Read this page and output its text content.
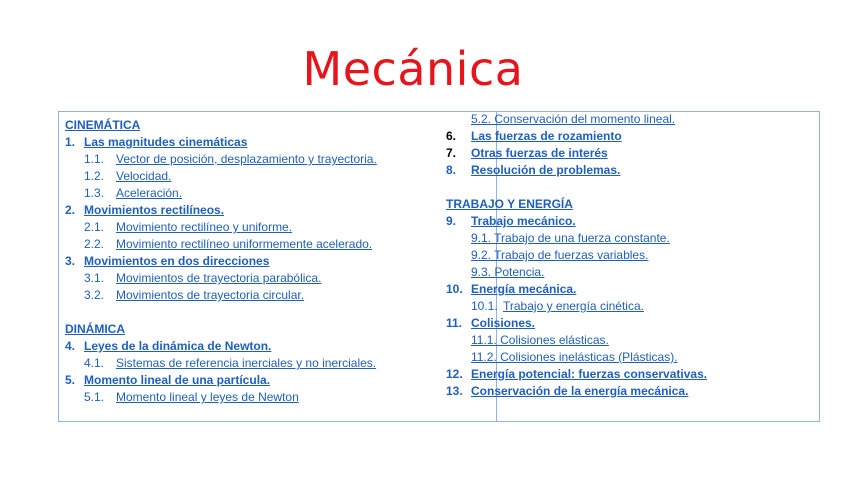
Mecánica
CINEMÁTICA
1. Las magnitudes cinemáticas
1.1. Vector de posición, desplazamiento y trayectoria.
1.2. Velocidad.
1.3. Aceleración.
2. Movimientos rectilíneos.
2.1. Movimiento rectilíneo y uniforme.
2.2. Movimiento rectilíneo uniformemente acelerado.
3. Movimientos en dos direcciones
3.1. Movimientos de trayectoria parabólica.
3.2. Movimientos de trayectoria circular.
DINÁMICA
4. Leyes de la dinámica de Newton.
4.1. Sistemas de referencia inerciales y no inerciales.
5. Momento lineal de una partícula.
5.1. Momento lineal y leyes de Newton
5.2. Conservación del momento lineal.
6. Las fuerzas de rozamiento
7. Otras fuerzas de interés
8. Resolución de problemas.
TRABAJO Y ENERGÍA
9. Trabajo mecánico.
9.1. Trabajo de una fuerza constante.
9.2. Trabajo de fuerzas variables.
9.3. Potencia.
10. Energía mecánica.
10.1. Trabajo y energía cinética.
11. Colisiones.
11.1. Colisiones elásticas.
11.2. Colisiones inelásticas (Plásticas).
12. Energía potencial: fuerzas conservativas.
13. Conservación de la energía mecánica.
